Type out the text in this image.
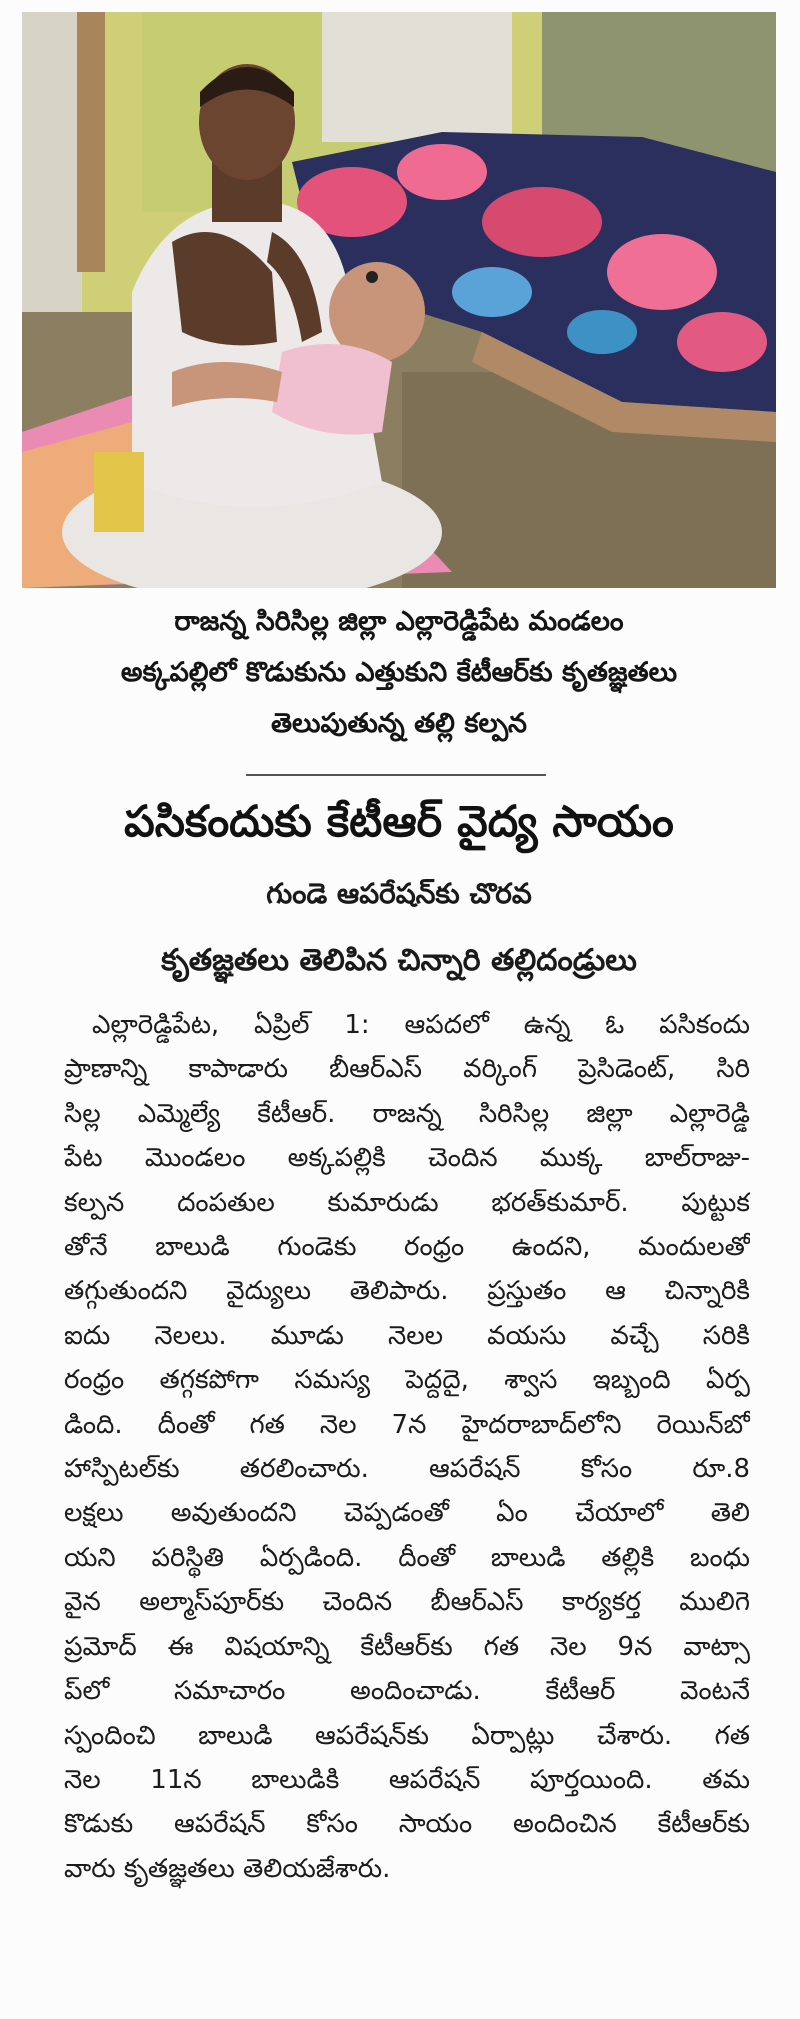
రాజన్న సిరిసిల్ల జిల్లా ఎల్లారెడ్డిపేట మండలం
అక్కపల్లిలో కొడుకును ఎత్తుకుని కేటీఆర్‌కు కృతజ్ఞతలు
తెలుపుతున్న తల్లి కల్పన
పసికందుకు కేటీఆర్ వైద్య సాయం
గుండె ఆపరేషన్‌కు చొరవ
కృతజ్ఞతలు తెలిపిన చిన్నారి తల్లిదండ్రులు
ఎల్లారెడ్డిపేట, ఏప్రిల్ 1: ఆపదలో ఉన్న ఓ పసికందు
ప్రాణాన్ని కాపాడారు బీఆర్ఎస్ వర్కింగ్ ప్రెసిడెంట్, సిరి
సిల్ల ఎమ్మెల్యే కేటీఆర్. రాజన్న సిరిసిల్ల జిల్లా ఎల్లారెడ్డి
పేట మొండలం అక్కపల్లికి చెందిన ముక్క బాల్‌రాజు-
కల్పన దంపతుల కుమారుడు భరత్‌కుమార్. పుట్టుక
తోనే బాలుడి గుండెకు రంధ్రం ఉందని, మందులతో
తగ్గుతుందని వైద్యులు తెలిపారు. ప్రస్తుతం ఆ చిన్నారికి
ఐదు నెలలు. మూడు నెలల వయసు వచ్చే సరికి
రంధ్రం తగ్గకపోగా సమస్య పెద్దదై, శ్వాస ఇబ్బంది ఏర్ప
డింది. దీంతో గత నెల 7న హైదరాబాద్‌లోని రెయిన్‌బో
హాస్పిటల్‌కు తరలించారు. ఆపరేషన్ కోసం రూ.8
లక్షలు అవుతుందని చెప్పడంతో ఏం చేయాలో తెలి
యని పరిస్థితి ఏర్పడింది. దీంతో బాలుడి తల్లికి బంధు
వైన అల్మాస్‌పూర్‌కు చెందిన బీఆర్ఎస్ కార్యకర్త ములిగె
ప్రమోద్ ఈ విషయాన్ని కేటీఆర్‌కు గత నెల 9న వాట్సా
ప్‌లో సమాచారం అందించాడు. కేటీఆర్ వెంటనే
స్పందించి బాలుడి ఆపరేషన్‌కు ఏర్పాట్లు చేశారు. గత
నెల 11న బాలుడికి ఆపరేషన్ పూర్తయింది. తమ
కొడుకు ఆపరేషన్ కోసం సాయం అందించిన కేటీఆర్‌కు
వారు కృతజ్ఞతలు తెలియజేశారు.
